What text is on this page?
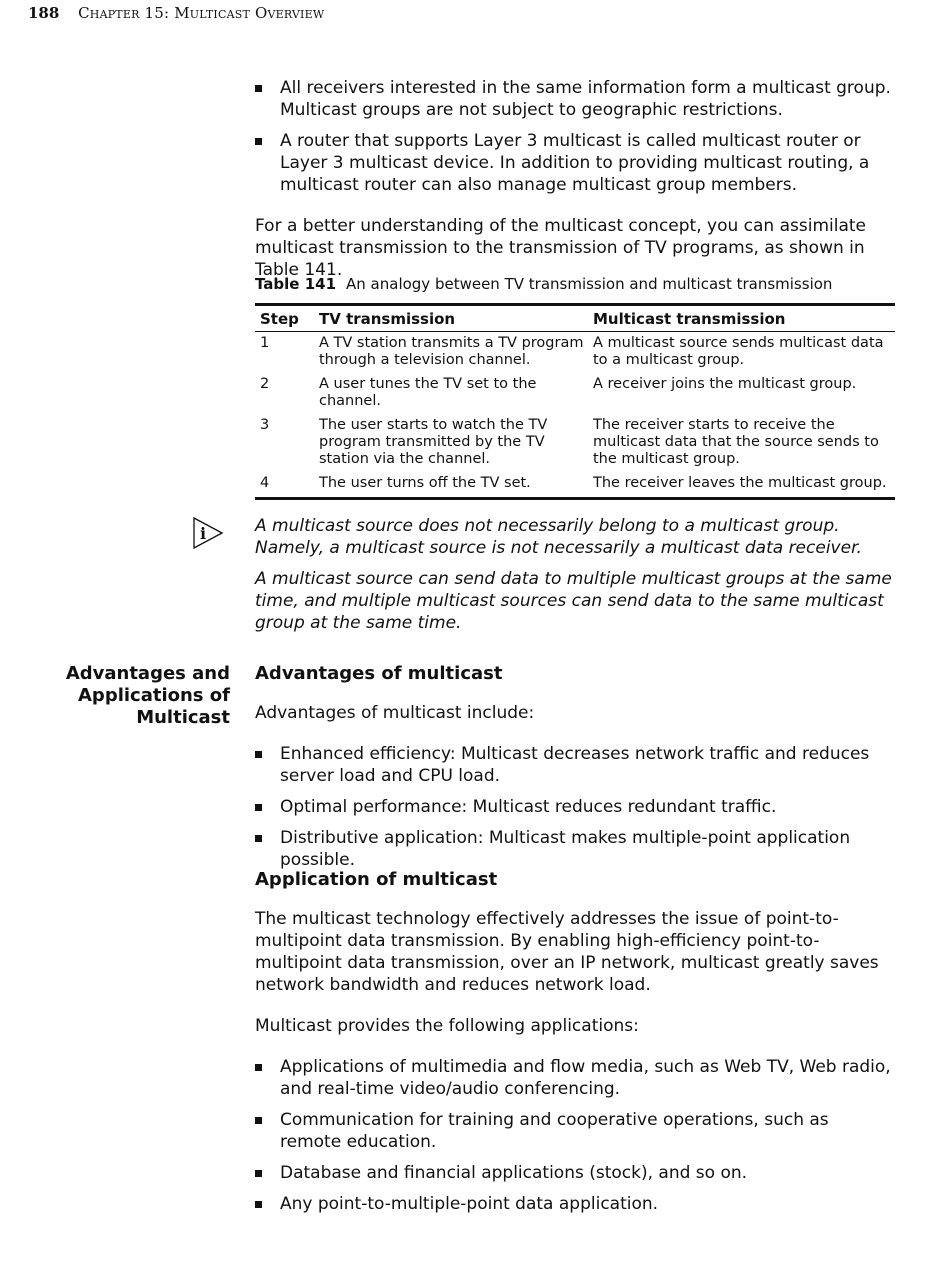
188 Chapter 15: Multicast Overview
All receivers interested in the same information form a multicast group. Multicast groups are not subject to geographic restrictions.
A router that supports Layer 3 multicast is called multicast router or Layer 3 multicast device. In addition to providing multicast routing, a multicast router can also manage multicast group members.

For a better understanding of the multicast concept, you can assimilate multicast transmission to the transmission of TV programs, as shown in Table 141.

Table 141 An analogy between TV transmission and multicast transmission
Step	TV transmission	Multicast transmission
1	A TV station transmits a TV program through a television channel.	A multicast source sends multicast data to a multicast group.
2	A user tunes the TV set to the channel.	A receiver joins the multicast group.
3	The user starts to watch the TV program transmitted by the TV station via the channel.	The receiver starts to receive the multicast data that the source sends to the multicast group.
4	The user turns off the TV set.	The receiver leaves the multicast group.
i	A multicast source does not necessarily belong to a multicast group. Namely, a multicast source is not necessarily a multicast data receiver.

A multicast source can send data to multiple multicast groups at the same time, and multiple multicast sources can send data to the same multicast group at the same time.

Advantages and
Applications of
Multicast
Advantages of multicast

Advantages of multicast include:

Enhanced efficiency: Multicast decreases network traffic and reduces server load and CPU load.
Optimal performance: Multicast reduces redundant traffic.
Distributive application: Multicast makes multiple-point application possible.
Application of multicast

The multicast technology effectively addresses the issue of point-to-multipoint data transmission. By enabling high-efficiency point-to-multipoint data transmission, over an IP network, multicast greatly saves network bandwidth and reduces network load.

Multicast provides the following applications:

Applications of multimedia and flow media, such as Web TV, Web radio, and real-time video/audio conferencing.
Communication for training and cooperative operations, such as remote education.
Database and financial applications (stock), and so on.
Any point-to-multiple-point data application.
